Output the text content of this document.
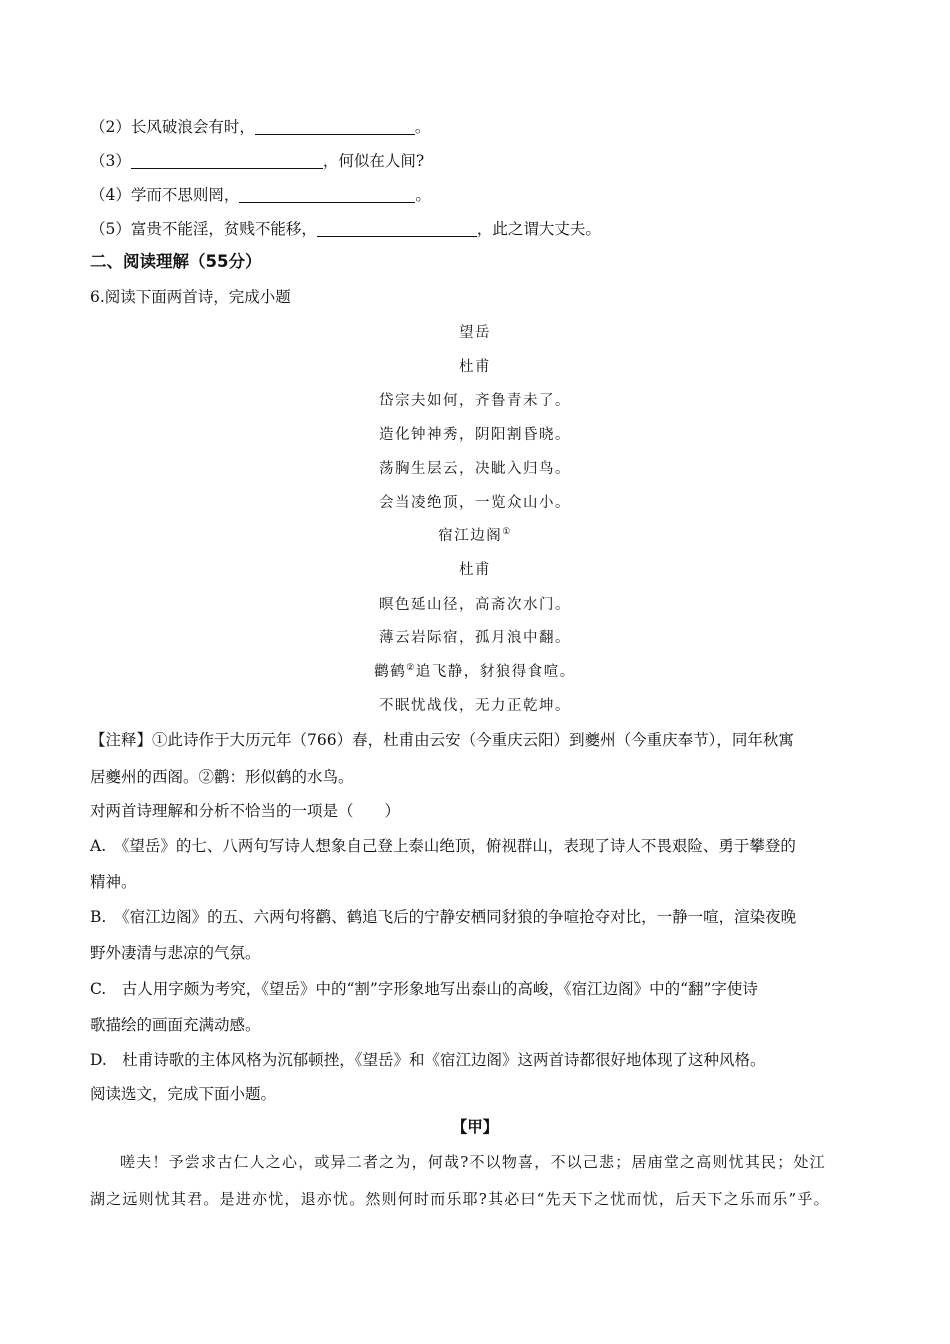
（2）长风破浪会有时，	。
（3）	，何似在人间?
（4）学而不思则罔，	。
（5）富贵不能淫，贫贱不能移，	，此之谓大丈夫。
二、阅读理解（55分）
6.阅读下面两首诗，完成小题
望岳
杜甫
岱宗夫如何，齐鲁青未了。
造化钟神秀，阴阳割昏晓。
荡胸生层云，决眦入归鸟。
会当凌绝顶，一览众山小。
宿江边阁①
杜甫
暝色延山径，高斋次水门。
薄云岩际宿，孤月浪中翻。
鹳鹤②追飞静，豺狼得食喧。
不眠忧战伐，无力正乾坤。
【注释】①此诗作于大历元年（766）春，杜甫由云安（今重庆云阳）到夔州（今重庆奉节），同年秋寓
居夔州的西阁。②鹳：形似鹤的水鸟。
对两首诗理解和分析不恰当的一项是（　　）
A.　《望岳》的七、八两句写诗人想象自己登上泰山绝顶，俯视群山，表现了诗人不畏艰险、勇于攀登的
精神。
B.　《宿江边阁》的五、六两句将鹳、鹤追飞后的宁静安栖同豺狼的争喧抢夺对比，一静一喧，渲染夜晚
野外凄清与悲凉的气氛。
C.　古人用字颇为考究，《望岳》中的“割”字形象地写出泰山的高峻，《宿江边阁》中的“翻”字使诗
歌描绘的画面充满动感。
D.　杜甫诗歌的主体风格为沉郁顿挫，《望岳》和《宿江边阁》这两首诗都很好地体现了这种风格。
阅读选文，完成下面小题。
【甲】
嗟夫！予尝求古仁人之心，或异二者之为，何哉?不以物喜，不以己悲；居庙堂之高则忧其民；处江
湖之远则忧其君。是进亦忧，退亦忧。然则何时而乐耶?其必曰“先天下之忧而忧，后天下之乐而乐”乎。
